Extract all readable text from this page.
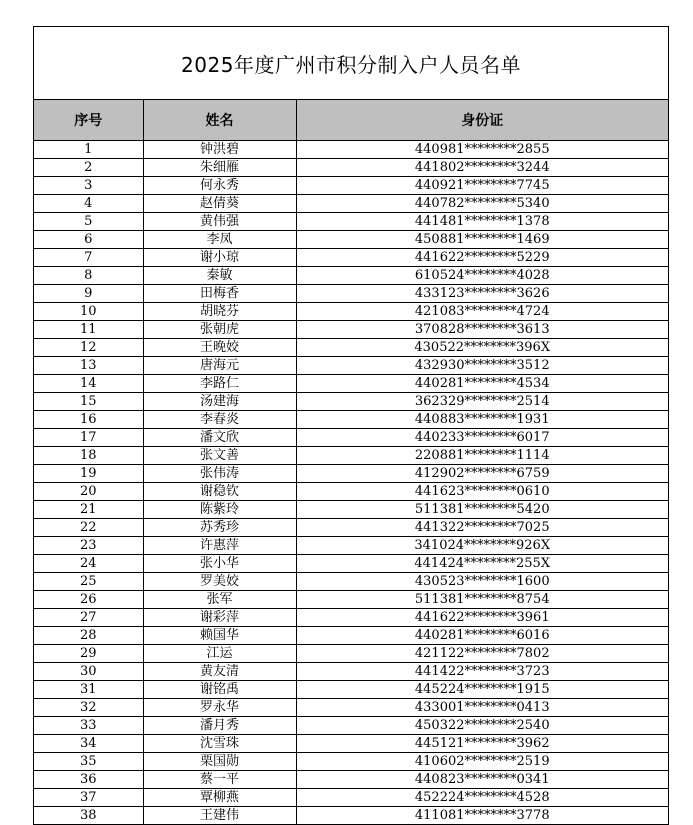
2025年度广州市积分制入户人员名单
序号	姓名	身份证
1	钟洪碧	440981********2855
2	朱细雁	441802********3244
3	何永秀	440921********7745
4	赵倩葵	440782********5340
5	黄伟强	441481********1378
6	李凤	450881********1469
7	谢小琼	441622********5229
8	秦敏	610524********4028
9	田梅香	433123********3626
10	胡晓芬	421083********4724
11	张朝虎	370828********3613
12	王晚姣	430522********396X
13	唐海元	432930********3512
14	李路仁	440281********4534
15	汤建海	362329********2514
16	李春炎	440883********1931
17	潘文欣	440233********6017
18	张文善	220881********1114
19	张伟涛	412902********6759
20	谢稳钦	441623********0610
21	陈紫玲	511381********5420
22	苏秀珍	441322********7025
23	许惠萍	341024********926X
24	张小华	441424********255X
25	罗美姣	430523********1600
26	张军	511381********8754
27	谢彩萍	441622********3961
28	赖国华	440281********6016
29	江运	421122********7802
30	黄友清	441422********3723
31	谢铭禹	445224********1915
32	罗永华	433001********0413
33	潘月秀	450322********2540
34	沈雪珠	445121********3962
35	栗国勋	410602********2519
36	蔡一平	440823********0341
37	覃柳燕	452224********4528
38	王建伟	411081********3778
